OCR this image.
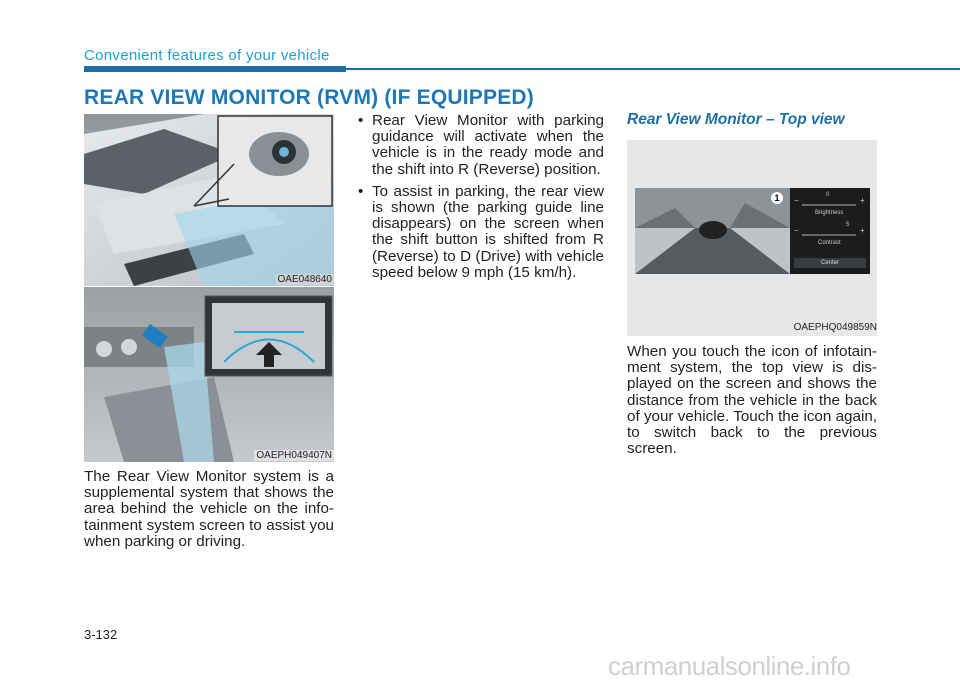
Convenient features of your vehicle
REAR VIEW MONITOR (RVM) (IF EQUIPPED)
OAE048640
OAEPH049407N
The Rear View Monitor system is a supplemental system that shows the area behind the vehicle on the info-tainment system screen to assist you when parking or driving.
• Rear View Monitor with parking guidance will activate when the vehicle is in the ready mode and the shift into R (Reverse) position.
• To assist in parking, the rear view is shown (the parking guide line disappears) on the screen when the shift button is shifted from R (Reverse) to D (Drive) with vehicle speed below 9 mph (15 km/h).
Rear View Monitor – Top view
1	−
0
+
Brightness
−
5
+
Contrast
Center
OAEPHQ049859N
When you touch the icon of infotain-ment system, the top view is dis-played on the screen and shows the distance from the vehicle in the back of your vehicle. Touch the icon again, to switch back to the previous screen.
3-132
carmanualsonline.info
